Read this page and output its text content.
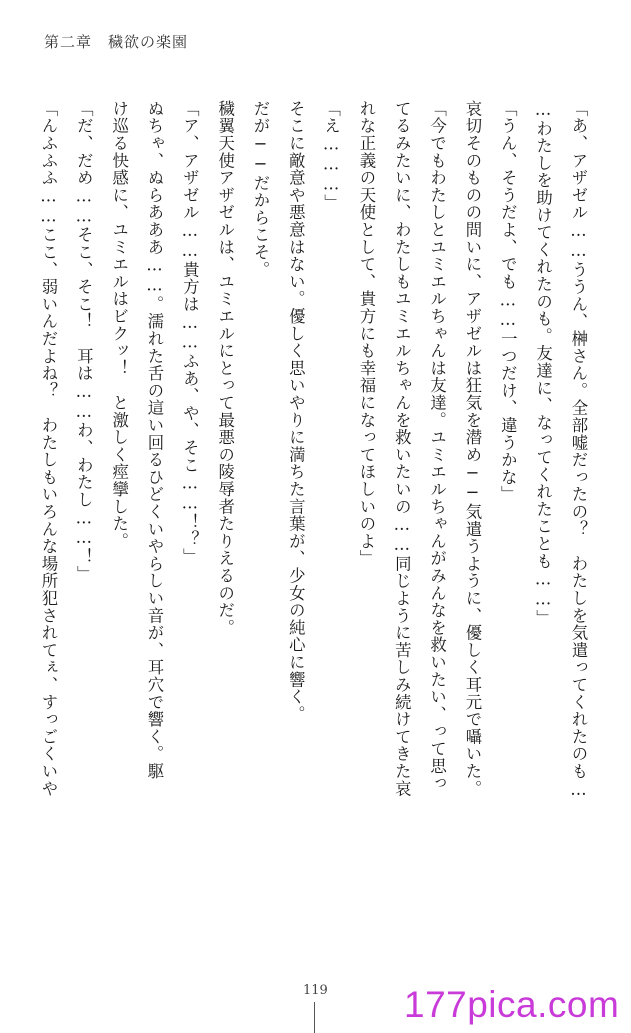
第二章　穢欲の楽園
「あ、アザゼル……ううん、榊さん。全部嘘だったの？　わたしを気遣ってくれたのも…
…わたしを助けてくれたのも。友達に、なってくれたことも……」
「うん、そうだよ、でも……一つだけ、違うかな」
哀切そのものの問いに、アザゼルは狂気を潜め──気遣うように、優しく耳元で囁いた。
「今でもわたしとユミエルちゃんは友達。ユミエルちゃんがみんなを救いたい、って思っ
てるみたいに、わたしもユミエルちゃんを救いたいの……同じように苦しみ続けてきた哀
れな正義の天使として、貴方にも幸福になってほしいのよ」
「え………」
そこに敵意や悪意はない。優しく思いやりに満ちた言葉が、少女の純心に響く。
だが──だからこそ。
穢翼天使アザゼルは、ユミエルにとって最悪の陵辱者たりえるのだ。
「ア、アザゼル……貴方は……ふあ、や、そこ……！？」
ぬちゃ、ぬらあああ……。濡れた舌の這い回るひどくいやらしい音が、耳穴で響く。駆
け巡る快感に、ユミエルはビクッ！　と激しく痙攣した。
「だ、だめ……そこ、そこ！　耳は……わ、わたし……！」
「んふふふ……ここ、弱いんだよね？　わたしもいろんな場所犯されてぇ、すっごくいや
119 177pica.com
